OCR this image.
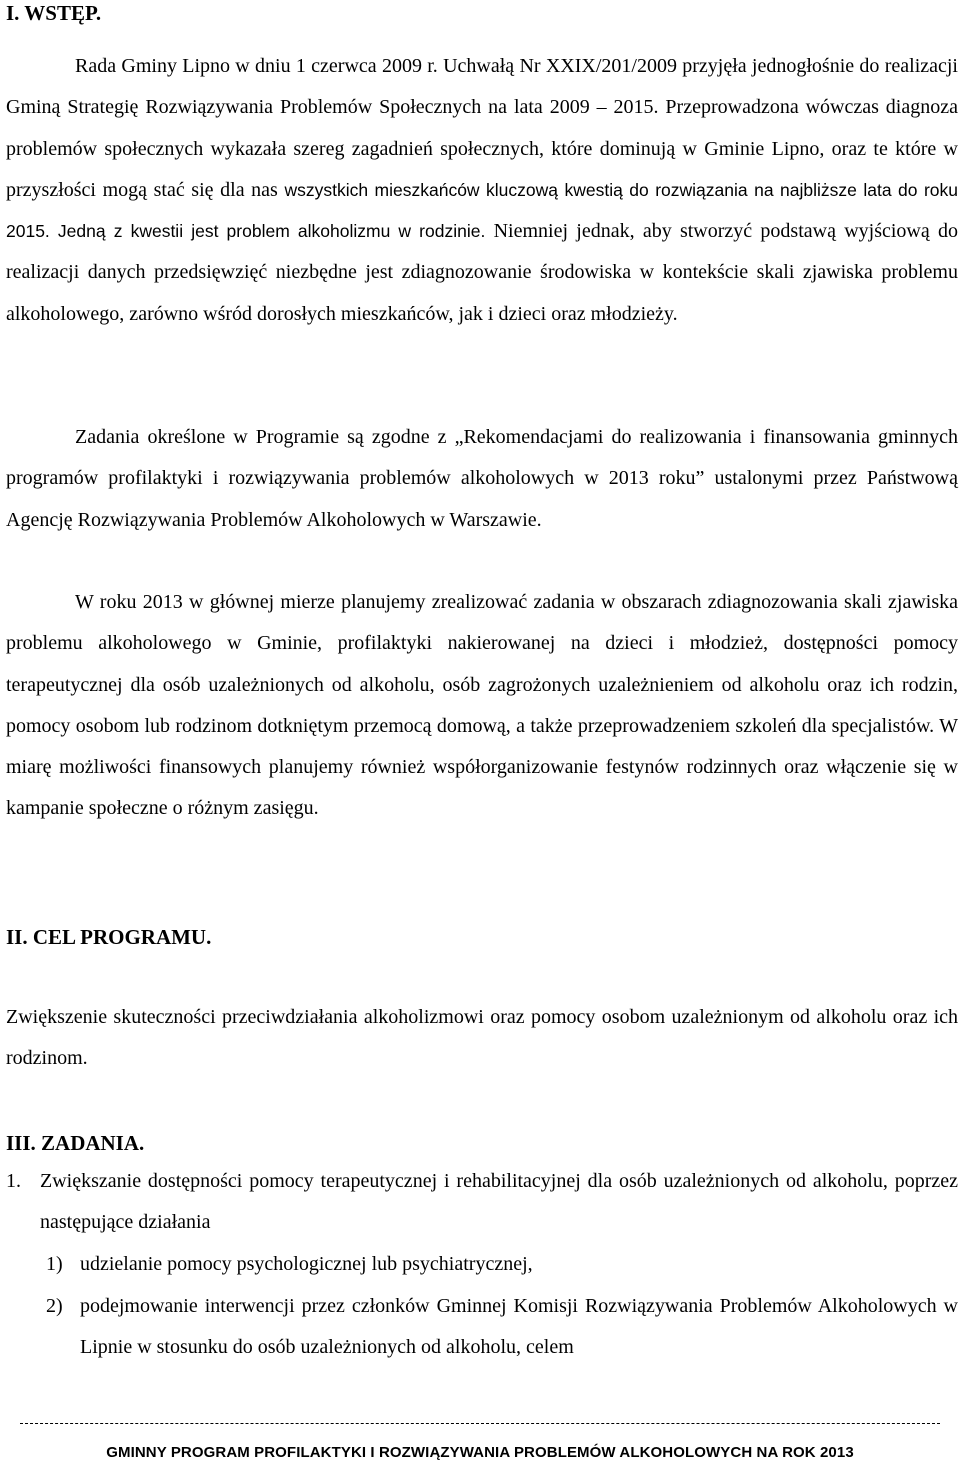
I. WSTĘP.

Rada Gminy Lipno w dniu 1 czerwca 2009 r. Uchwałą Nr XXIX/201/2009 przyjęła jednogłośnie do realizacji Gminą Strategię Rozwiązywania Problemów Społecznych na lata 2009 – 2015. Przeprowadzona wówczas diagnoza problemów społecznych wykazała szereg zagadnień społecznych, które dominują w Gminie Lipno, oraz te które w przyszłości mogą stać się dla nas wszystkich mieszkańców kluczową kwestią do rozwiązania na najbliższe lata do roku 2015. Jedną z kwestii jest problem alkoholizmu w rodzinie. Niemniej jednak, aby stworzyć podstawą wyjściową do realizacji danych przedsięwzięć niezbędne jest zdiagnozowanie środowiska w kontekście skali zjawiska problemu alkoholowego, zarówno wśród dorosłych mieszkańców, jak i dzieci oraz młodzieży.

Zadania określone w Programie są zgodne z „Rekomendacjami do realizowania i finansowania gminnych programów profilaktyki i rozwiązywania problemów alkoholowych w 2013 roku” ustalonymi przez Państwową Agencję Rozwiązywania Problemów Alkoholowych w Warszawie.

W roku 2013 w głównej mierze planujemy zrealizować zadania w obszarach zdiagnozowania skali zjawiska problemu alkoholowego w Gminie, profilaktyki nakierowanej na dzieci i młodzież, dostępności pomocy terapeutycznej dla osób uzależnionych od alkoholu, osób zagrożonych uzależnieniem od alkoholu oraz ich rodzin, pomocy osobom lub rodzinom dotkniętym przemocą domową, a także przeprowadzeniem szkoleń dla specjalistów. W miarę możliwości finansowych planujemy również współorganizowanie festynów rodzinnych oraz włączenie się w kampanie społeczne o różnym zasięgu.

II. CEL PROGRAMU.

Zwiększenie skuteczności przeciwdziałania alkoholizmowi oraz pomocy osobom uzależnionym od alkoholu oraz ich rodzinom.

III. ZADANIA.
1. Zwiększanie dostępności pomocy terapeutycznej i rehabilitacyjnej dla osób uzależnionych od alkoholu, poprzez następujące działania
1) udzielanie pomocy psychologicznej lub psychiatrycznej,
2) podejmowanie interwencji przez członków Gminnej Komisji Rozwiązywania Problemów Alkoholowych w Lipnie w stosunku do osób uzależnionych od alkoholu, celem
GMINNY PROGRAM PROFILAKTYKI I ROZWIĄZYWANIA PROBLEMÓW ALKOHOLOWYCH NA ROK 2013
